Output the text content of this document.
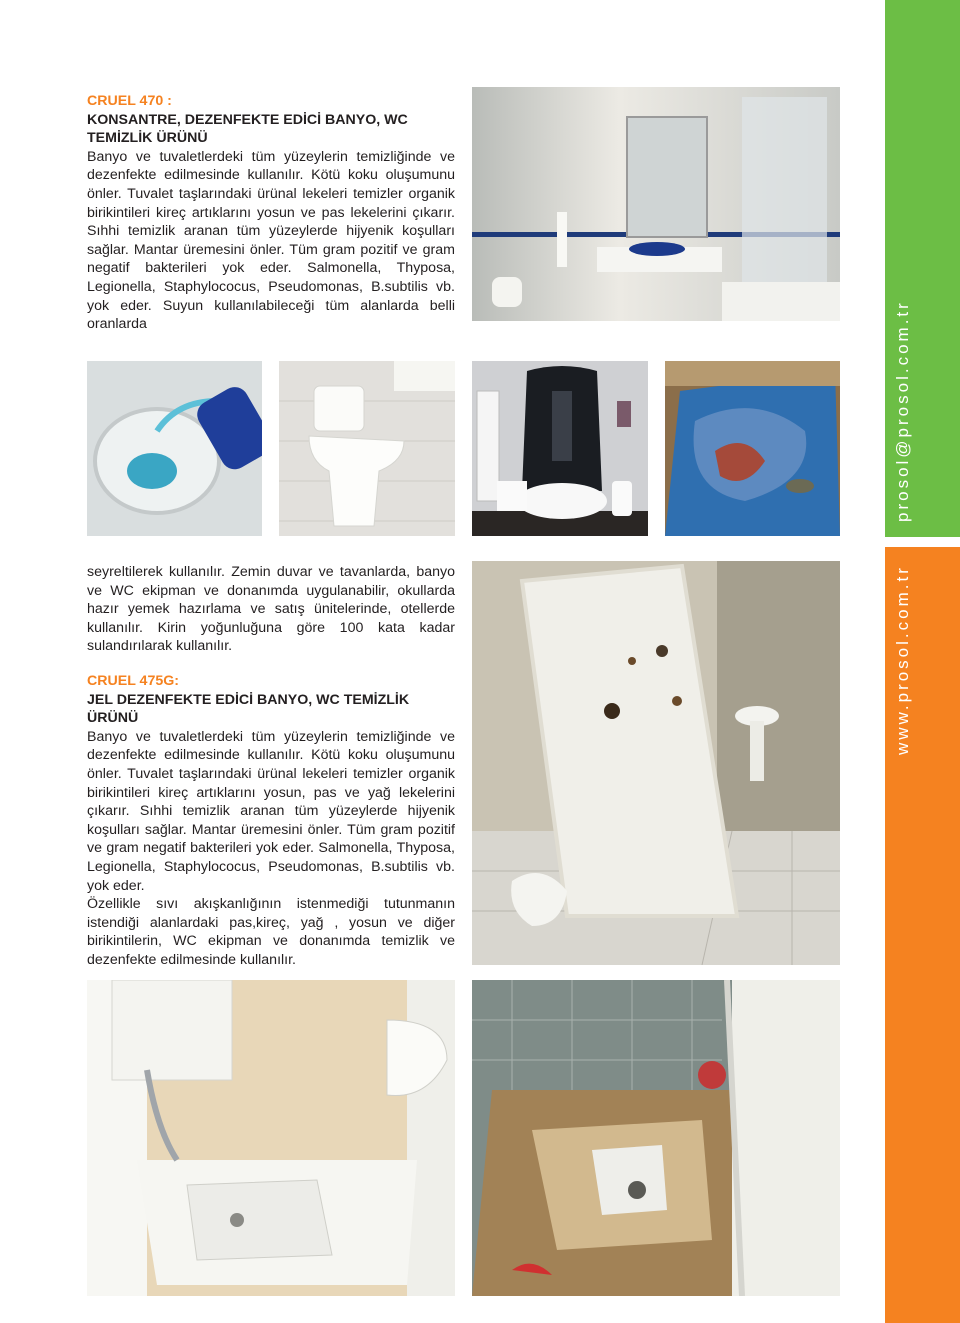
prosol@prosol.com.tr
www.prosol.com.tr
CRUEL 470 :
KONSANTRE, DEZENFEKTE EDİCİ BANYO, WC TEMİZLİK ÜRÜNÜ
Banyo ve tuvaletlerdeki tüm yüzeylerin temizliğinde ve dezenfekte edilmesinde kullanılır. Kötü koku oluşumunu önler. Tuvalet taşlarındaki ürünal lekeleri temizler organik birikintileri kireç artıklarını yosun ve pas lekelerini çıkarır. Sıhhi temizlik aranan tüm yüzeylerde hijyenik koşulları sağlar. Mantar üremesini önler. Tüm gram pozitif ve gram negatif bakterileri yok eder. Salmonella, Thyposa, Legionella, Staphylococus, Pseudomonas, B.subtilis vb. yok eder. Suyun kullanılabileceği tüm alanlarda belli oranlarda
seyreltilerek kullanılır. Zemin duvar ve tavanlarda, banyo ve WC ekipman ve donanımda uygulanabilir, okullarda hazır yemek hazırlama ve satış ünitelerinde, otellerde kullanılır. Kirin yoğunluğuna göre 100 kata kadar sulandırılarak kullanılır.
CRUEL 475G:
JEL DEZENFEKTE EDİCİ BANYO, WC TEMİZLİK ÜRÜNÜ
Banyo ve tuvaletlerdeki tüm yüzeylerin temizliğinde ve dezenfekte edilmesinde kullanılır. Kötü koku oluşumunu önler. Tuvalet taşlarındaki ürünal lekeleri temizler organik birikintileri kireç artıklarını yosun, pas ve yağ lekelerini çıkarır. Sıhhi temizlik aranan tüm yüzeylerde hijyenik koşulları sağlar. Mantar üremesini önler. Tüm gram pozitif ve gram negatif bakterileri yok eder. Salmonella, Thyposa, Legionella, Staphylococus, Pseudomonas, B.subtilis vb. yok eder.
Özellikle sıvı akışkanlığının istenmediği tutunmanın istendiği alanlardaki pas,kireç, yağ , yosun ve diğer birikintilerin, WC ekipman ve donanımda temizlik ve dezenfekte edilmesinde kullanılır.
